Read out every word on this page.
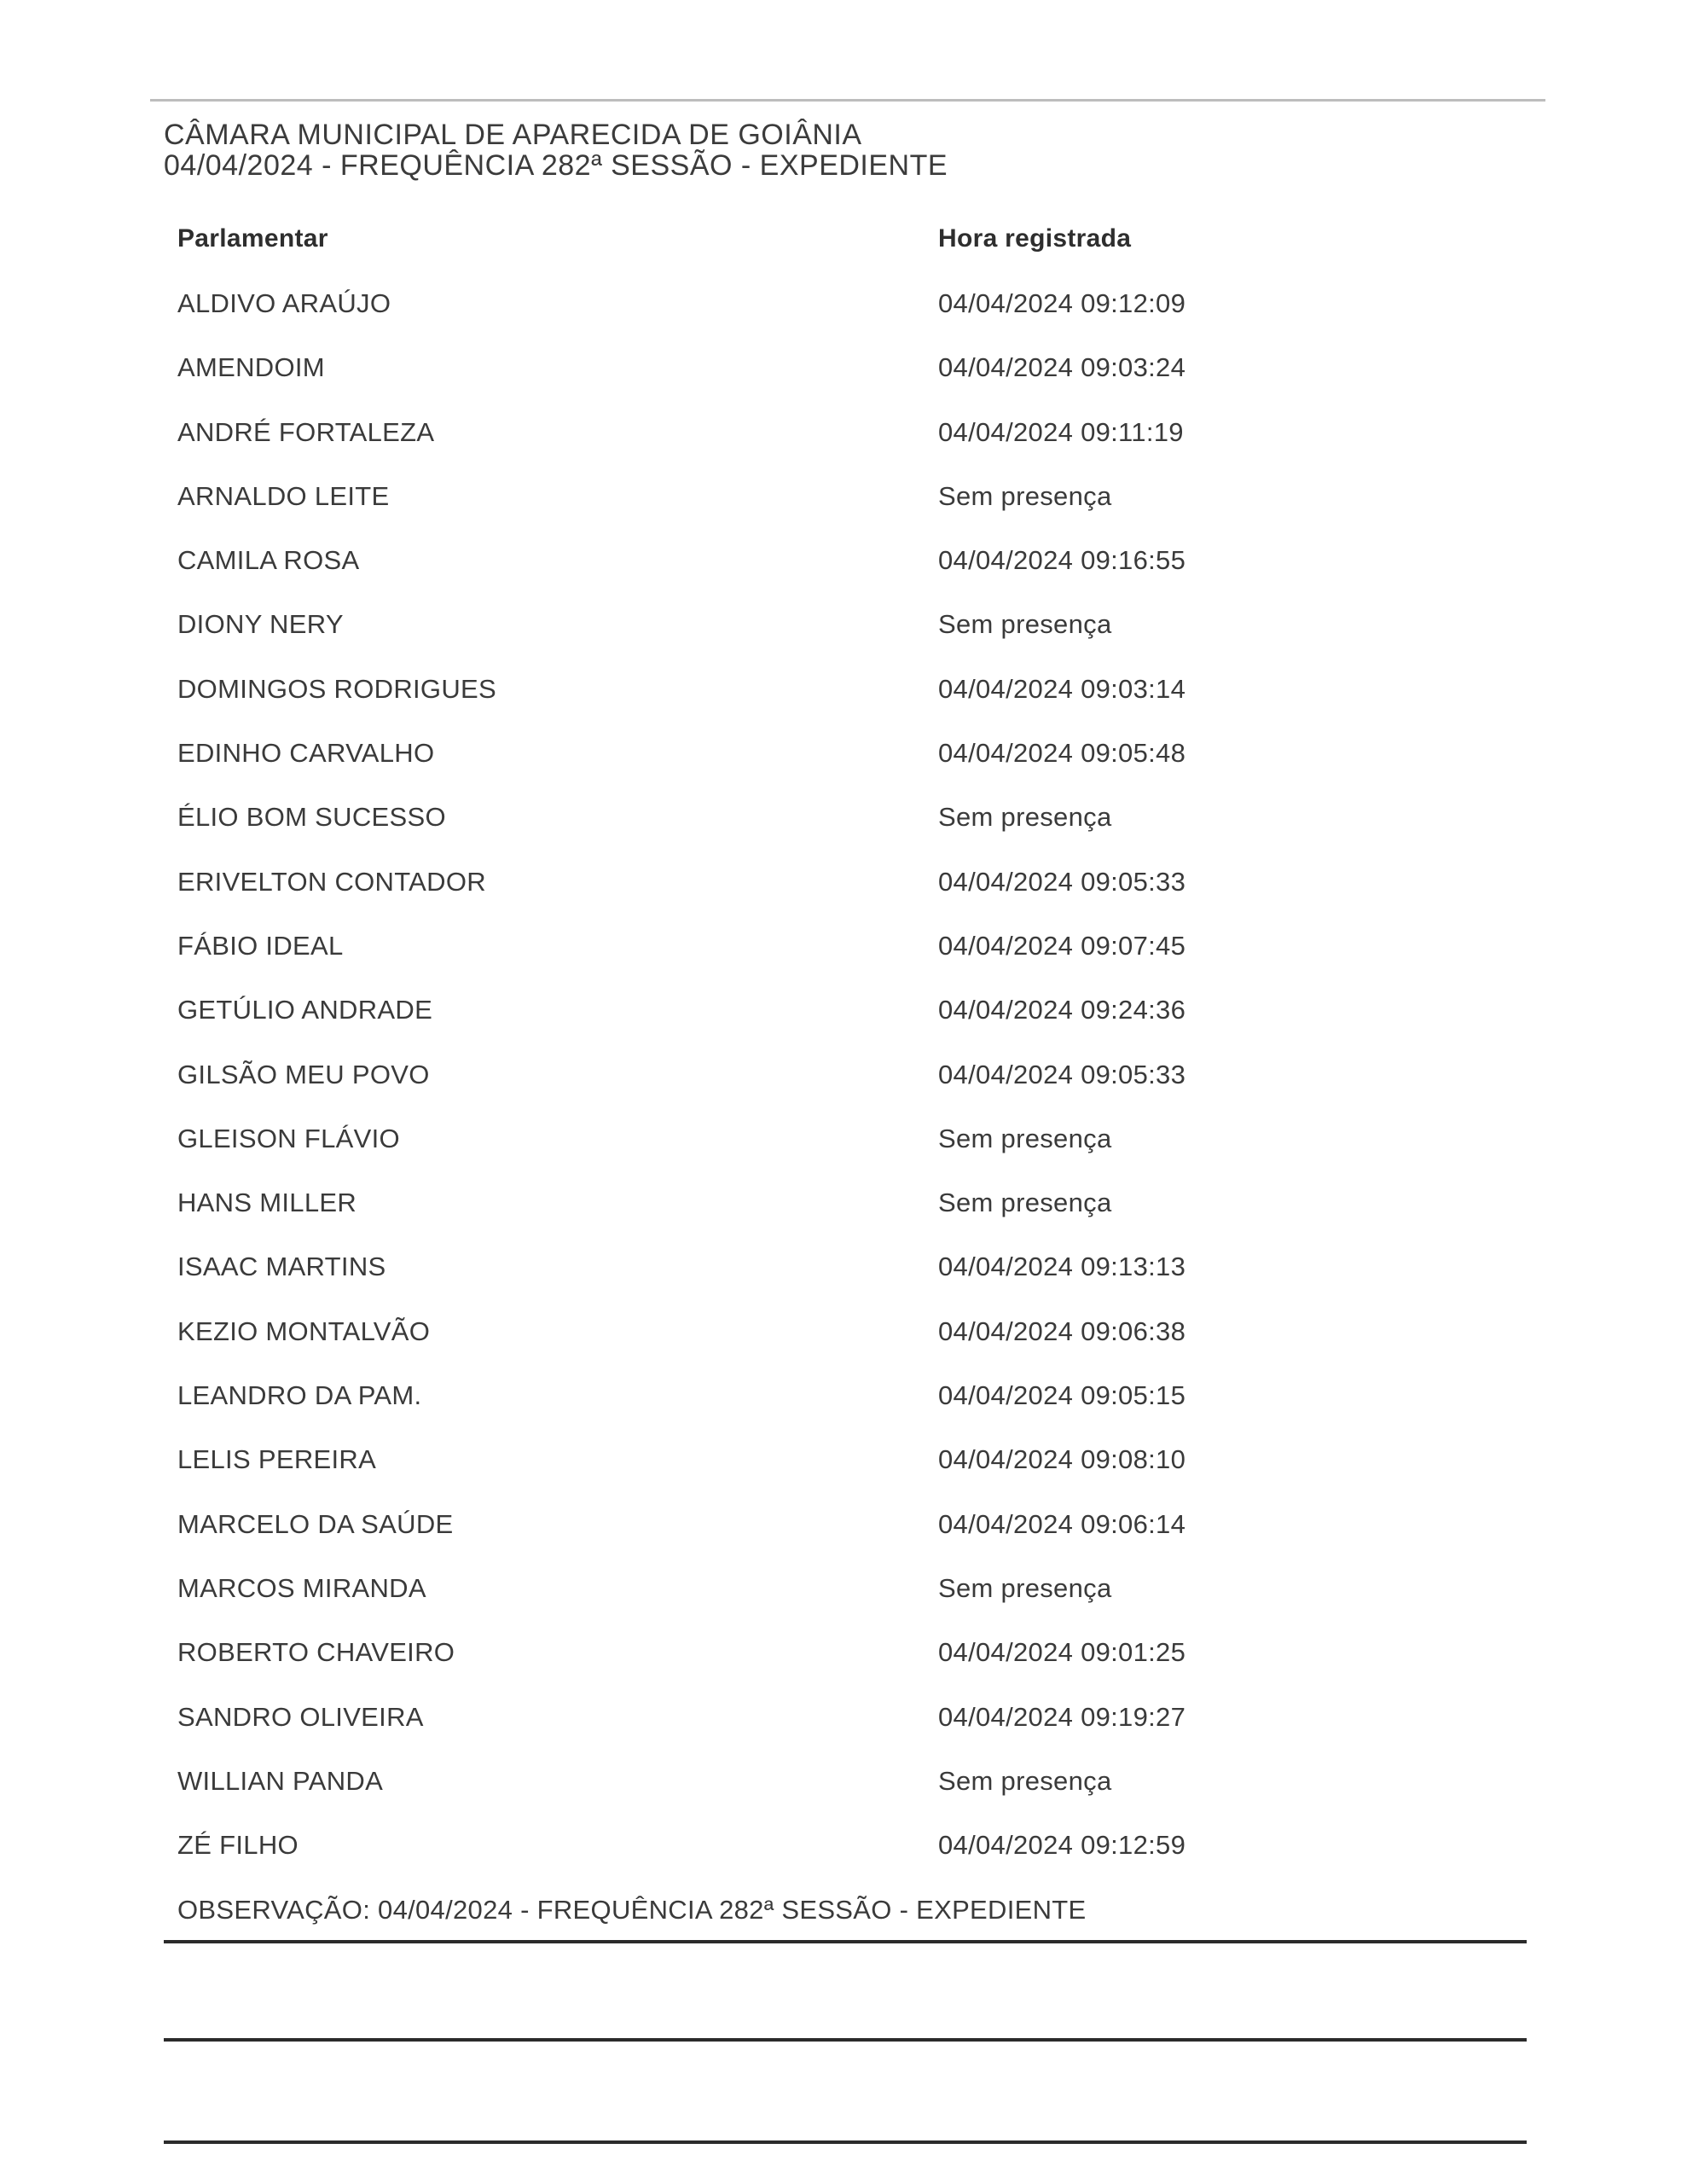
CÂMARA MUNICIPAL DE APARECIDA DE GOIÂNIA
04/04/2024 - FREQUÊNCIA 282ª SESSÃO - EXPEDIENTE
Parlamentar	Hora registrada
ALDIVO ARAÚJO	04/04/2024 09:12:09
AMENDOIM	04/04/2024 09:03:24
ANDRÉ FORTALEZA	04/04/2024 09:11:19
ARNALDO LEITE	Sem presença
CAMILA ROSA	04/04/2024 09:16:55
DIONY NERY	Sem presença
DOMINGOS RODRIGUES	04/04/2024 09:03:14
EDINHO CARVALHO	04/04/2024 09:05:48
ÉLIO BOM SUCESSO	Sem presença
ERIVELTON CONTADOR	04/04/2024 09:05:33
FÁBIO IDEAL	04/04/2024 09:07:45
GETÚLIO ANDRADE	04/04/2024 09:24:36
GILSÃO MEU POVO	04/04/2024 09:05:33
GLEISON FLÁVIO	Sem presença
HANS MILLER	Sem presença
ISAAC MARTINS	04/04/2024 09:13:13
KEZIO MONTALVÃO	04/04/2024 09:06:38
LEANDRO DA PAM.	04/04/2024 09:05:15
LELIS PEREIRA	04/04/2024 09:08:10
MARCELO DA SAÚDE	04/04/2024 09:06:14
MARCOS MIRANDA	Sem presença
ROBERTO CHAVEIRO	04/04/2024 09:01:25
SANDRO OLIVEIRA	04/04/2024 09:19:27
WILLIAN PANDA	Sem presença
ZÉ FILHO	04/04/2024 09:12:59
OBSERVAÇÃO: 04/04/2024 - FREQUÊNCIA 282ª SESSÃO - EXPEDIENTE
